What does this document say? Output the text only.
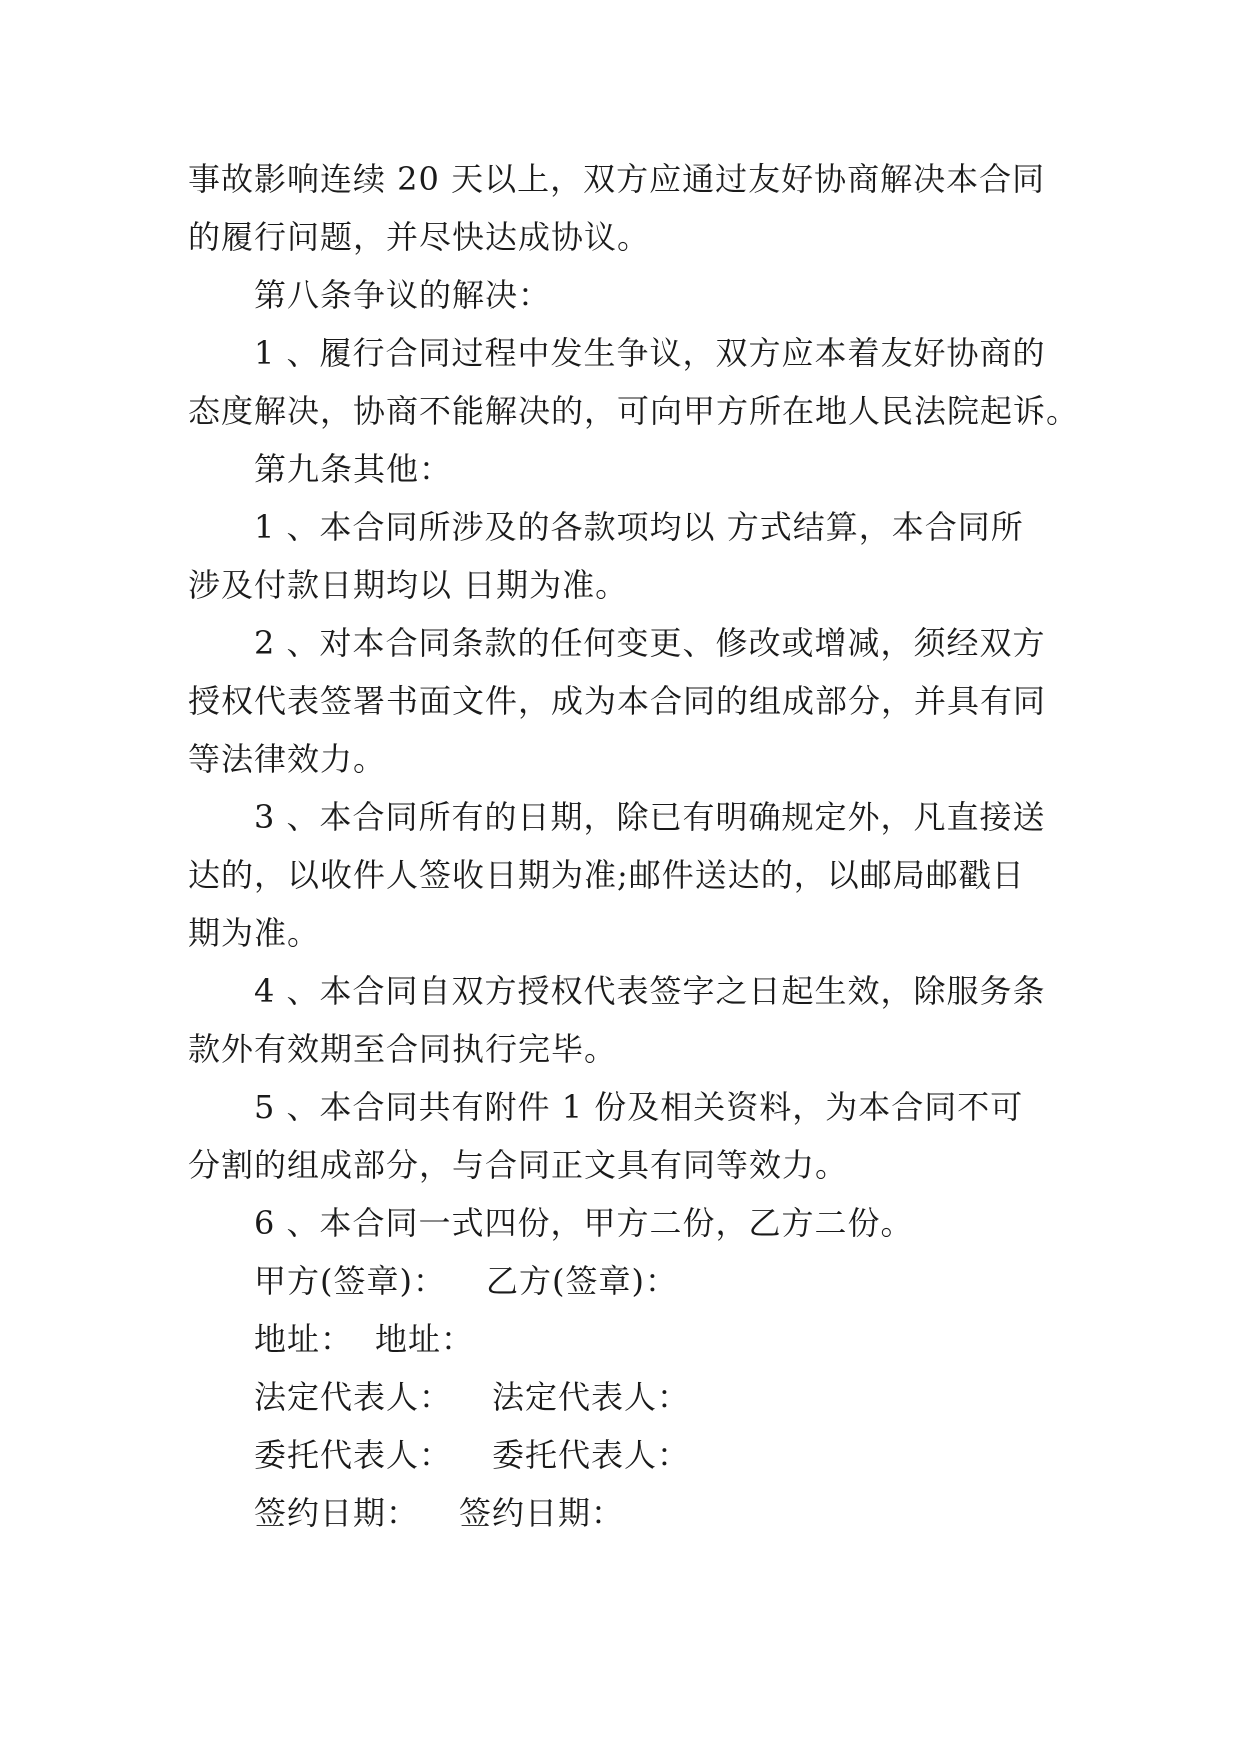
事故影响连续 20 天以上，双方应通过友好协商解决本合同
的履行问题，并尽快达成协议。
第八条争议的解决：
1 、履行合同过程中发生争议，双方应本着友好协商的
态度解决，协商不能解决的，可向甲方所在地人民法院起诉。
第九条其他：
1 、本合同所涉及的各款项均以 方式结算，本合同所
涉及付款日期均以 日期为准。
2 、对本合同条款的任何变更、修改或增减，须经双方
授权代表签署书面文件，成为本合同的组成部分，并具有同
等法律效力。
3 、本合同所有的日期，除已有明确规定外，凡直接送
达的，以收件人签收日期为准;邮件送达的，以邮局邮戳日
期为准。
4 、本合同自双方授权代表签字之日起生效，除服务条
款外有效期至合同执行完毕。
5 、本合同共有附件 1 份及相关资料，为本合同不可
分割的组成部分，与合同正文具有同等效力。
6 、本合同一式四份，甲方二份，乙方二份。
甲方(签章)： 乙方(签章)：
地址： 地址：
法定代表人： 法定代表人：
委托代表人： 委托代表人：
签约日期： 签约日期：
